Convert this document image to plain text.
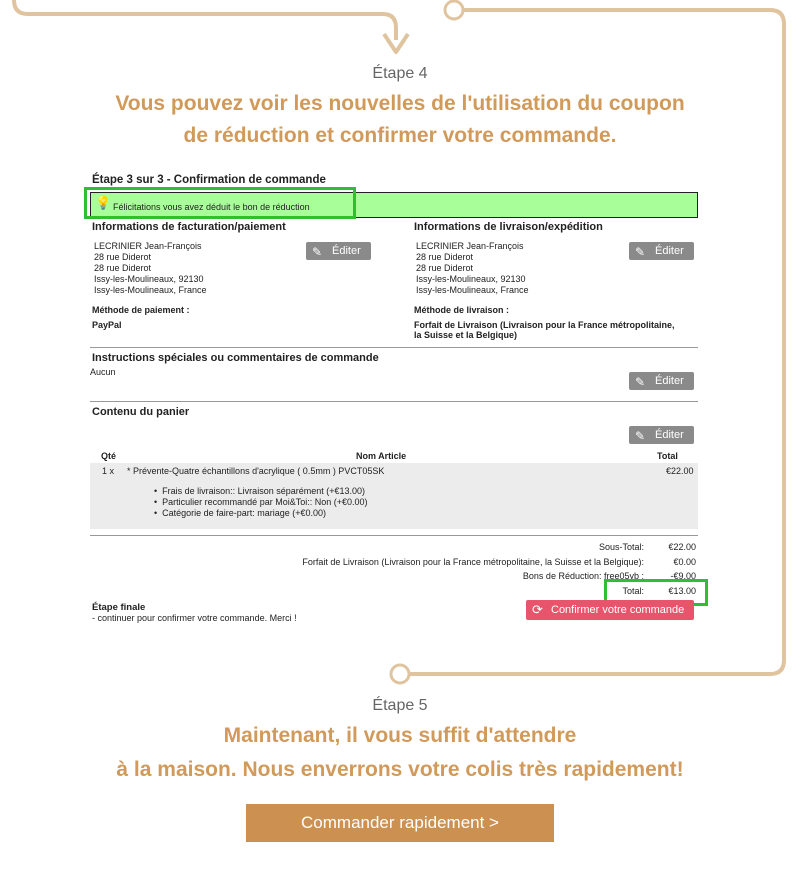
Étape 4
Vous pouvez voir les nouvelles de l'utilisation du coupon
de réduction et confirmer votre commande.
Étape 3 sur 3 - Confirmation de commande
💡 Félicitations vous avez déduit le bon de réduction
Informations de facturation/paiement
LECRINIER Jean-François
28 rue Diderot
28 rue Diderot
Issy-les-Moulineaux, 92130
Issy-les-Moulineaux, France
✎ Éditer
Méthode de paiement :
PayPal
Informations de livraison/expédition
LECRINIER Jean-François
28 rue Diderot
28 rue Diderot
Issy-les-Moulineaux, 92130
Issy-les-Moulineaux, France
✎ Éditer
Méthode de livraison :
Forfait de Livraison (Livraison pour la France métropolitaine,
la Suisse et la Belgique)
Instructions spéciales ou commentaires de commande
Aucun
✎ Éditer
Contenu du panier
✎ Éditer
Qté	Nom Article	Total
1 x * Prévente-Quatre échantillons d'acrylique ( 0.5mm ) PVCT05SK	€22.00
•  Frais de livraison:: Livraison séparément (+€13.00)
•  Particulier recommandé par Moi&Toi:: Non (+€0.00)
•  Catégorie de faire-part: mariage (+€0.00)
Sous-Total:	€22.00
Forfait de Livraison (Livraison pour la France métropolitaine, la Suisse et la Belgique):	€0.00
Bons de Réduction: free05yb :	-€9.00
Total:	€13.00
Étape finale
- continuer pour confirmer votre commande. Merci !
⟳ Confirmer votre commande
Étape 5
Maintenant, il vous suffit d'attendre
à la maison. Nous enverrons votre colis très rapidement!
Commander rapidement >
